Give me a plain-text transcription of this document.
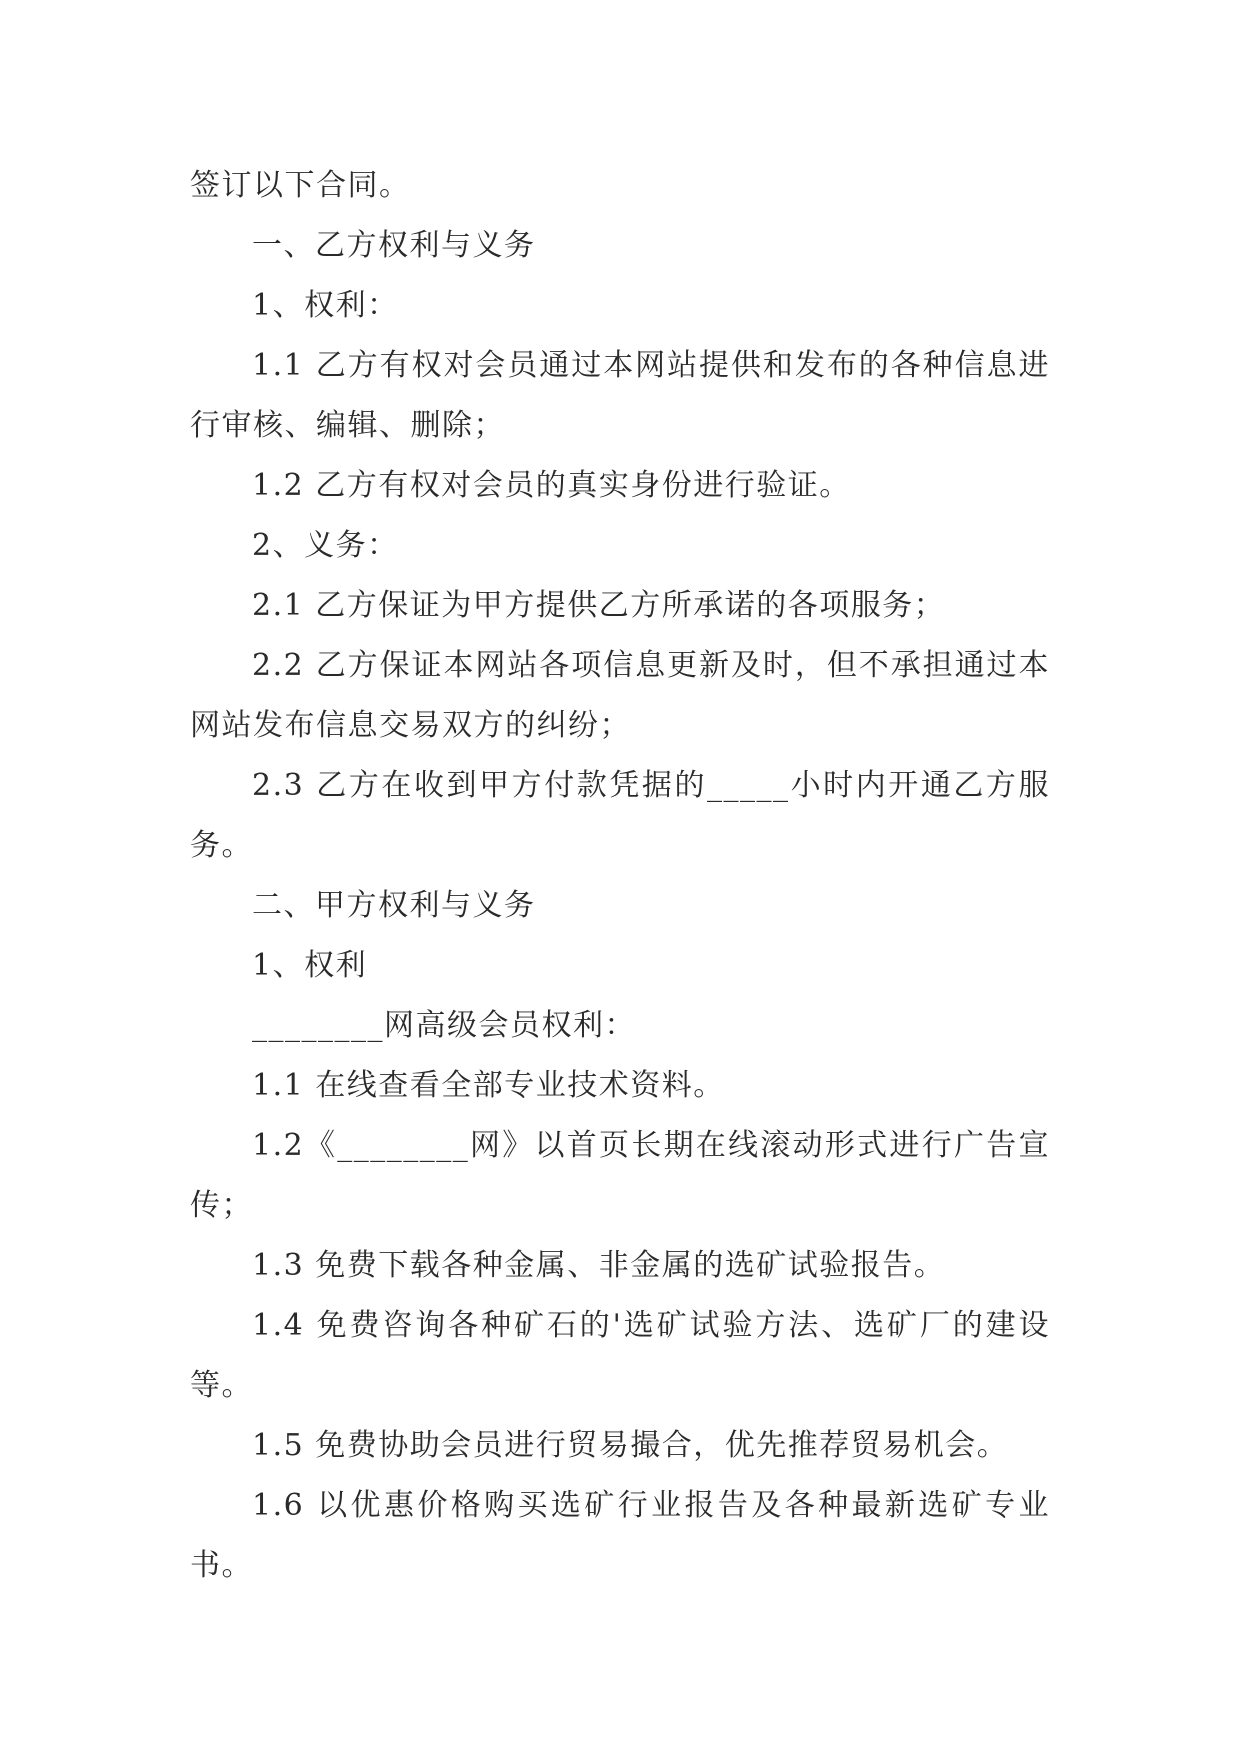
签订以下合同。

一、乙方权利与义务

1、权利：

1.1 乙方有权对会员通过本网站提供和发布的各种信息进行审核、编辑、删除；

1.2 乙方有权对会员的真实身份进行验证。

2、义务：

2.1 乙方保证为甲方提供乙方所承诺的各项服务；

2.2 乙方保证本网站各项信息更新及时，但不承担通过本网站发布信息交易双方的纠纷；

2.3 乙方在收到甲方付款凭据的_____小时内开通乙方服务。

二、甲方权利与义务

1、权利

________网高级会员权利：

1.1 在线查看全部专业技术资料。

1.2《________网》以首页长期在线滚动形式进行广告宣传；

1.3 免费下载各种金属、非金属的选矿试验报告。

1.4 免费咨询各种矿石的'选矿试验方法、选矿厂的建设等。

1.5 免费协助会员进行贸易撮合，优先推荐贸易机会。

1.6 以优惠价格购买选矿行业报告及各种最新选矿专业书。
